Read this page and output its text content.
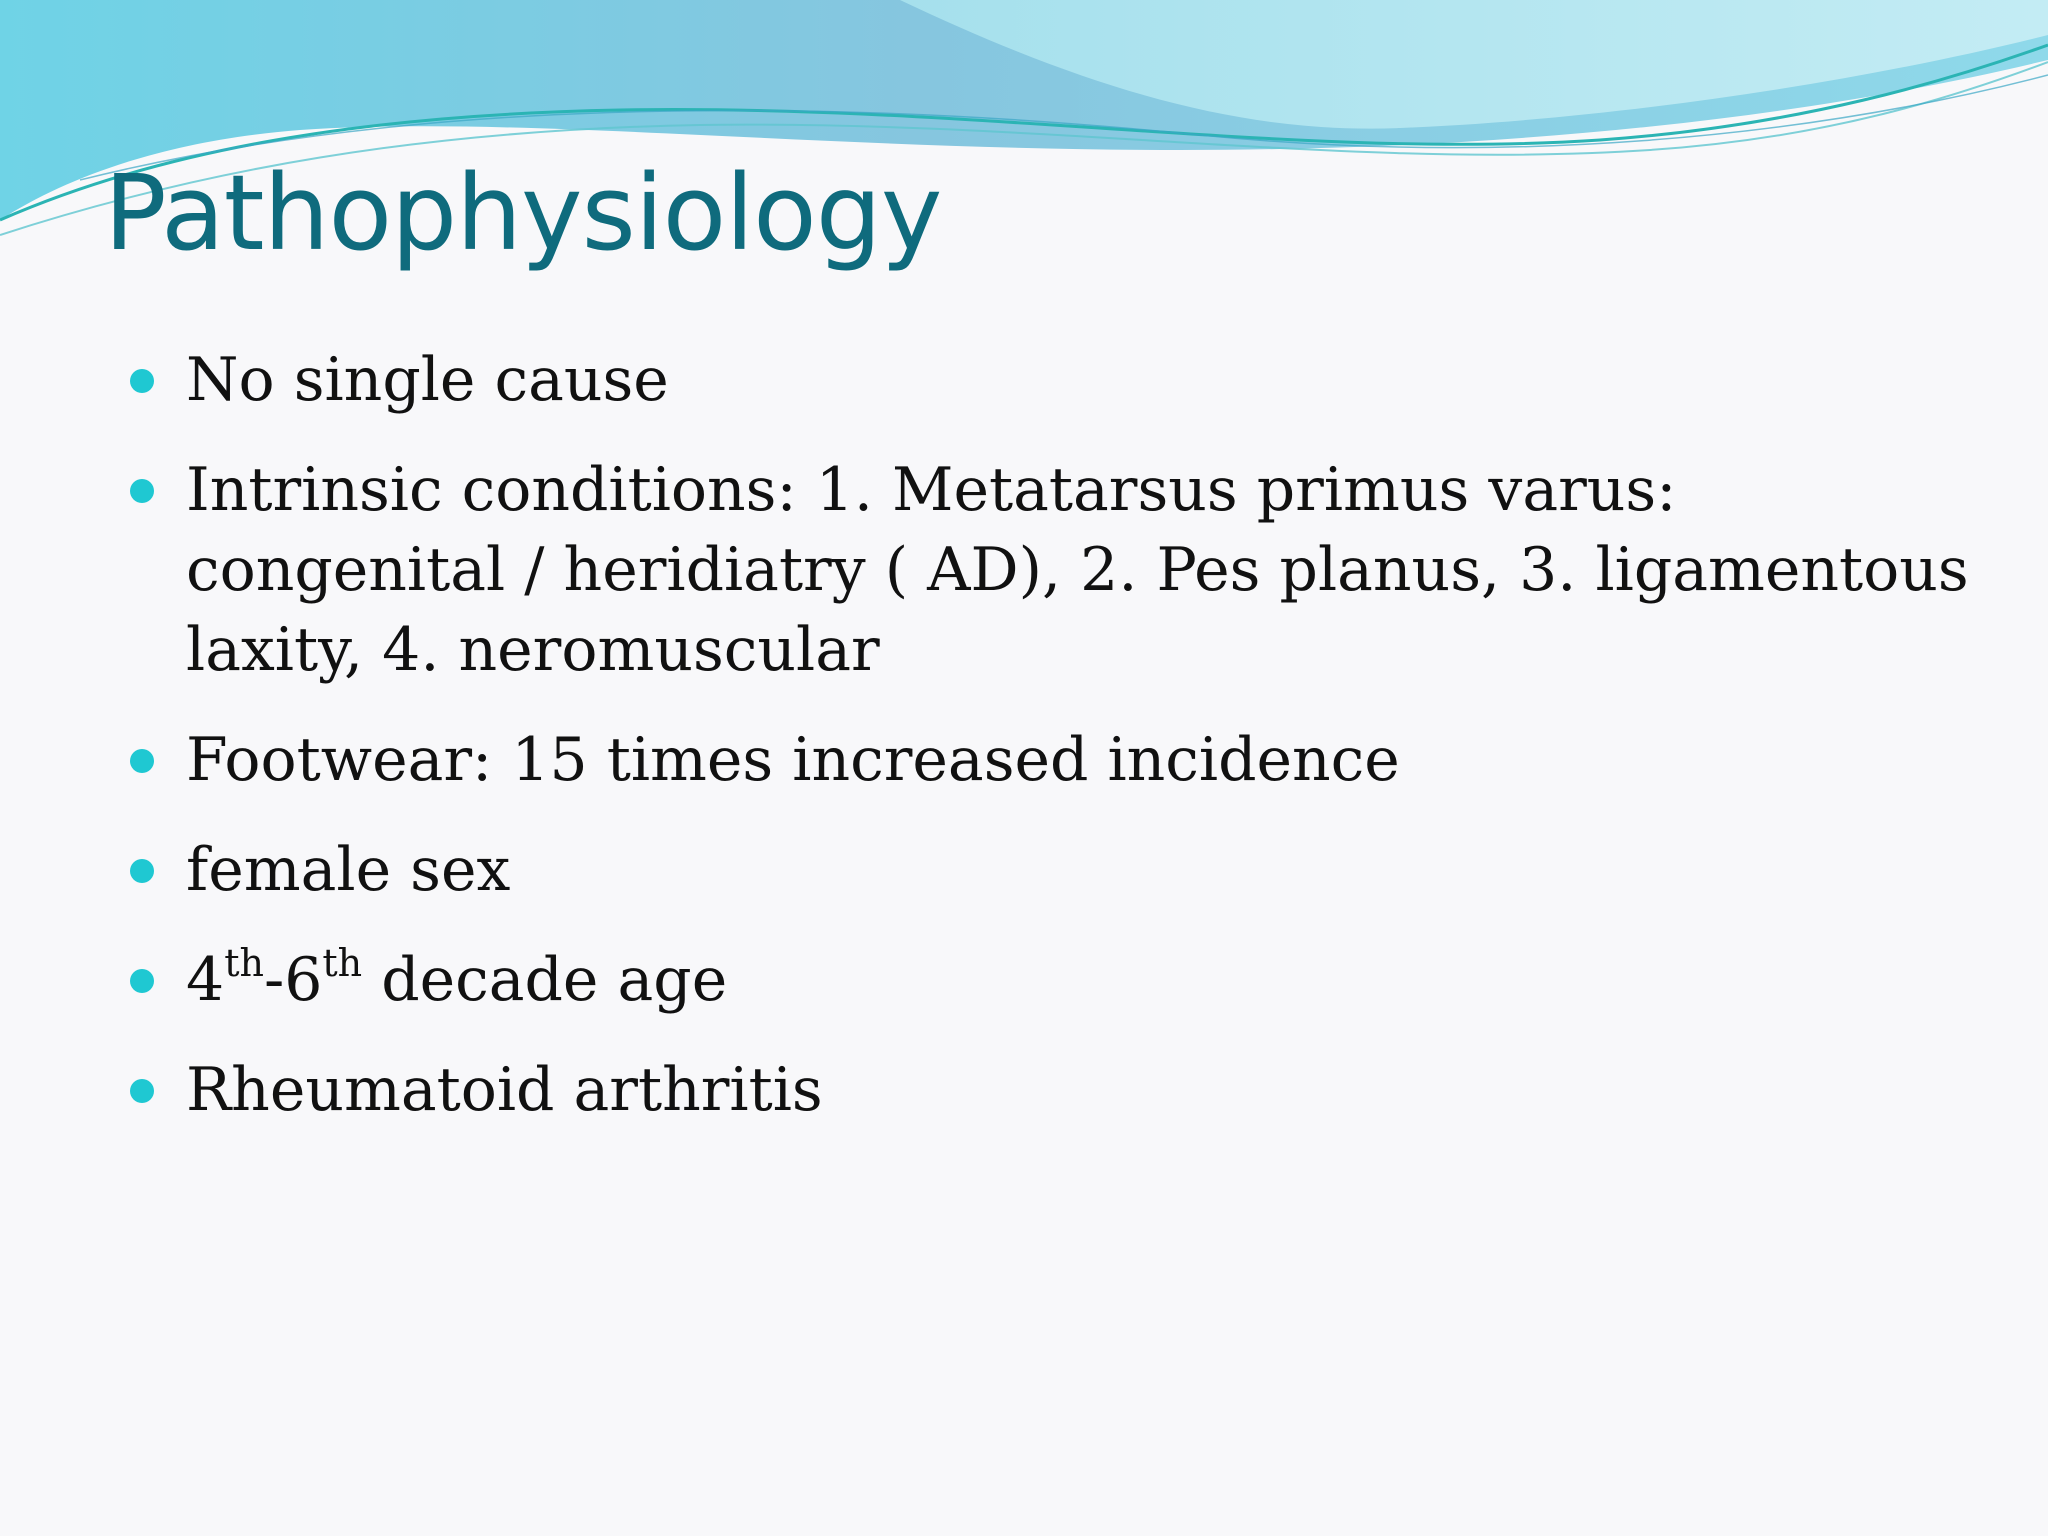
Pathophysiology
No single cause
Intrinsic conditions: 1. Metatarsus primus varus: congenital / heridiatry ( AD), 2. Pes planus, 3. ligamentous laxity, 4. neromuscular
Footwear: 15 times increased incidence
female sex
4th-6th decade age
Rheumatoid arthritis
